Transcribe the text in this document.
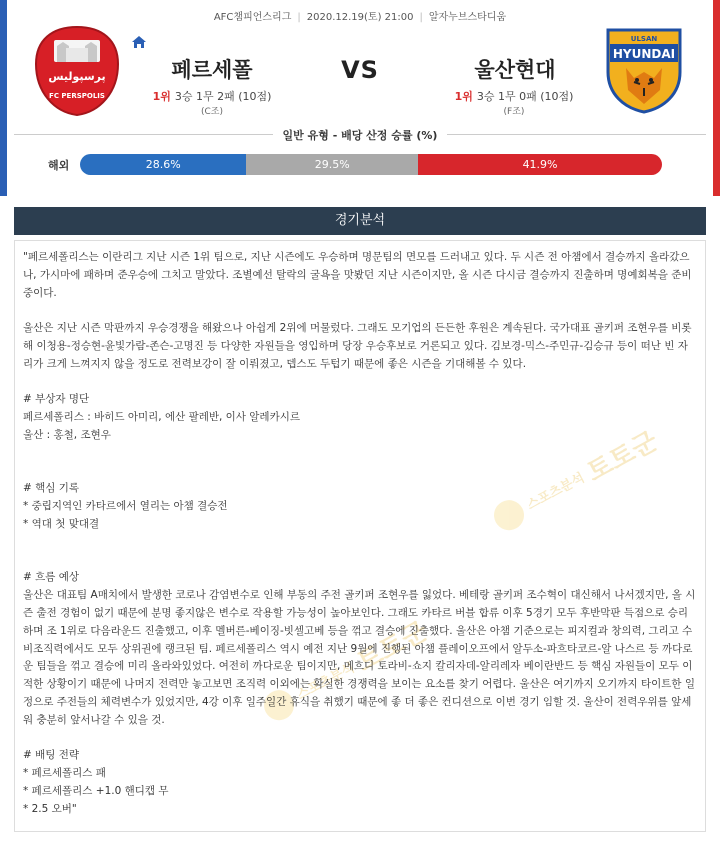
AFC챔피언스리그 | 2020.12.19(토) 21:00 | 알자누브스타디움
پرسپولیس
FC PERSPOLIS
페르세폴	VS	울산현대
1위 3승 1무 2패 (10점)
(C조)
1위 3승 1무 0패 (10점)
(F조)
ULSAN
HYUNDAI
일반 유형 - 배당 산정 승률 (%)
해외	28.6%	29.5%	41.9%
경기분석
스포츠분석
토토군
스포츠분석
토토군
"페르세폴리스는 이란리그 지난 시즌 1위 팀으로, 지난 시즌에도 우승하며 명문팀의 면모를 드러내고 있다. 두 시즌 전 아챔에서 결승까지 올라갔으나, 가시마에 패하며 준우승에 그치고 말았다. 조별예선 탈락의 굴욕을 맛봤던 지난 시즌이지만, 올 시즌 다시금 결승까지 진출하며 명예회복을 준비중이다.

울산은 지난 시즌 막판까지 우승경쟁을 해왔으나 아쉽게 2위에 머물렀다. 그래도 모기업의 든든한 후원은 계속된다. 국가대표 골키퍼 조현우를 비롯해 이청용-정승현-윤빛가람-존슨-고명진 등 다양한 자원들을 영입하며 당장 우승후보로 거론되고 있다. 김보경-믹스-주민규-김승규 등이 떠난 빈 자리가 크게 느껴지지 않을 정도로 전력보강이 잘 이뤄졌고, 뎁스도 두텁기 때문에 좋은 시즌을 기대해볼 수 있다.

# 부상자 명단
페르세폴리스 : 바히드 아미리, 에산 팔레반, 이사 알레카시르
울산 : 홍철, 조현우

# 핵심 기록
* 중립지역인 카타르에서 열리는 아챔 결승전
* 역대 첫 맞대결

# 흐름 예상
울산은 대표팀 A매치에서 발생한 코로나 감염변수로 인해 부동의 주전 골키퍼 조현우를 잃었다. 베테랑 골키퍼 조수혁이 대신해서 나서겠지만, 올 시즌 출전 경험이 없기 때문에 분명 좋지않은 변수로 작용할 가능성이 높아보인다. 그래도 카타르 버블 합류 이후 5경기 모두 후반막판 득점으로 승리하며 조 1위로 다음라운드 진출했고, 이후 멜버른-베이징-빗셀고베 등을 꺾고 결승에 진출했다. 울산은 아챔 기준으로는 피지컬과 창의력, 그리고 수비조직력에서도 모두 상위권에 랭크된 팀. 페르세폴리스 역시 예전 지난 9월에 진행된 아챔 플레이오프에서 알두소-파흐타코르-알 나스르 등 까다로운 팀들을 꺾고 결승에 미리 올라와있었다. 여전히 까다로운 팀이지만, 메흐디 토라비-쇼지 칼리자데-알리레자 베이란반드 등 핵심 자원들이 모두 이적한 상황이기 때문에 나머지 전력만 놓고보면 조직력 이외에는 확실한 경쟁력을 보이는 요소를 찾기 어렵다. 울산은 여기까지 오기까지 타이트한 일정으로 주전들의 체력변수가 있었지만, 4강 이후 일주일간 휴식을 취했기 때문에 좋 더 좋은 컨디션으로 이번 경기 임할 것. 울산이 전력우위를 앞세워 충분히 앞서나갈 수 있을 것.

# 배팅 전략
* 페르세폴리스 패
* 페르세폴리스 +1.0 핸디캡 무
* 2.5 오버"
